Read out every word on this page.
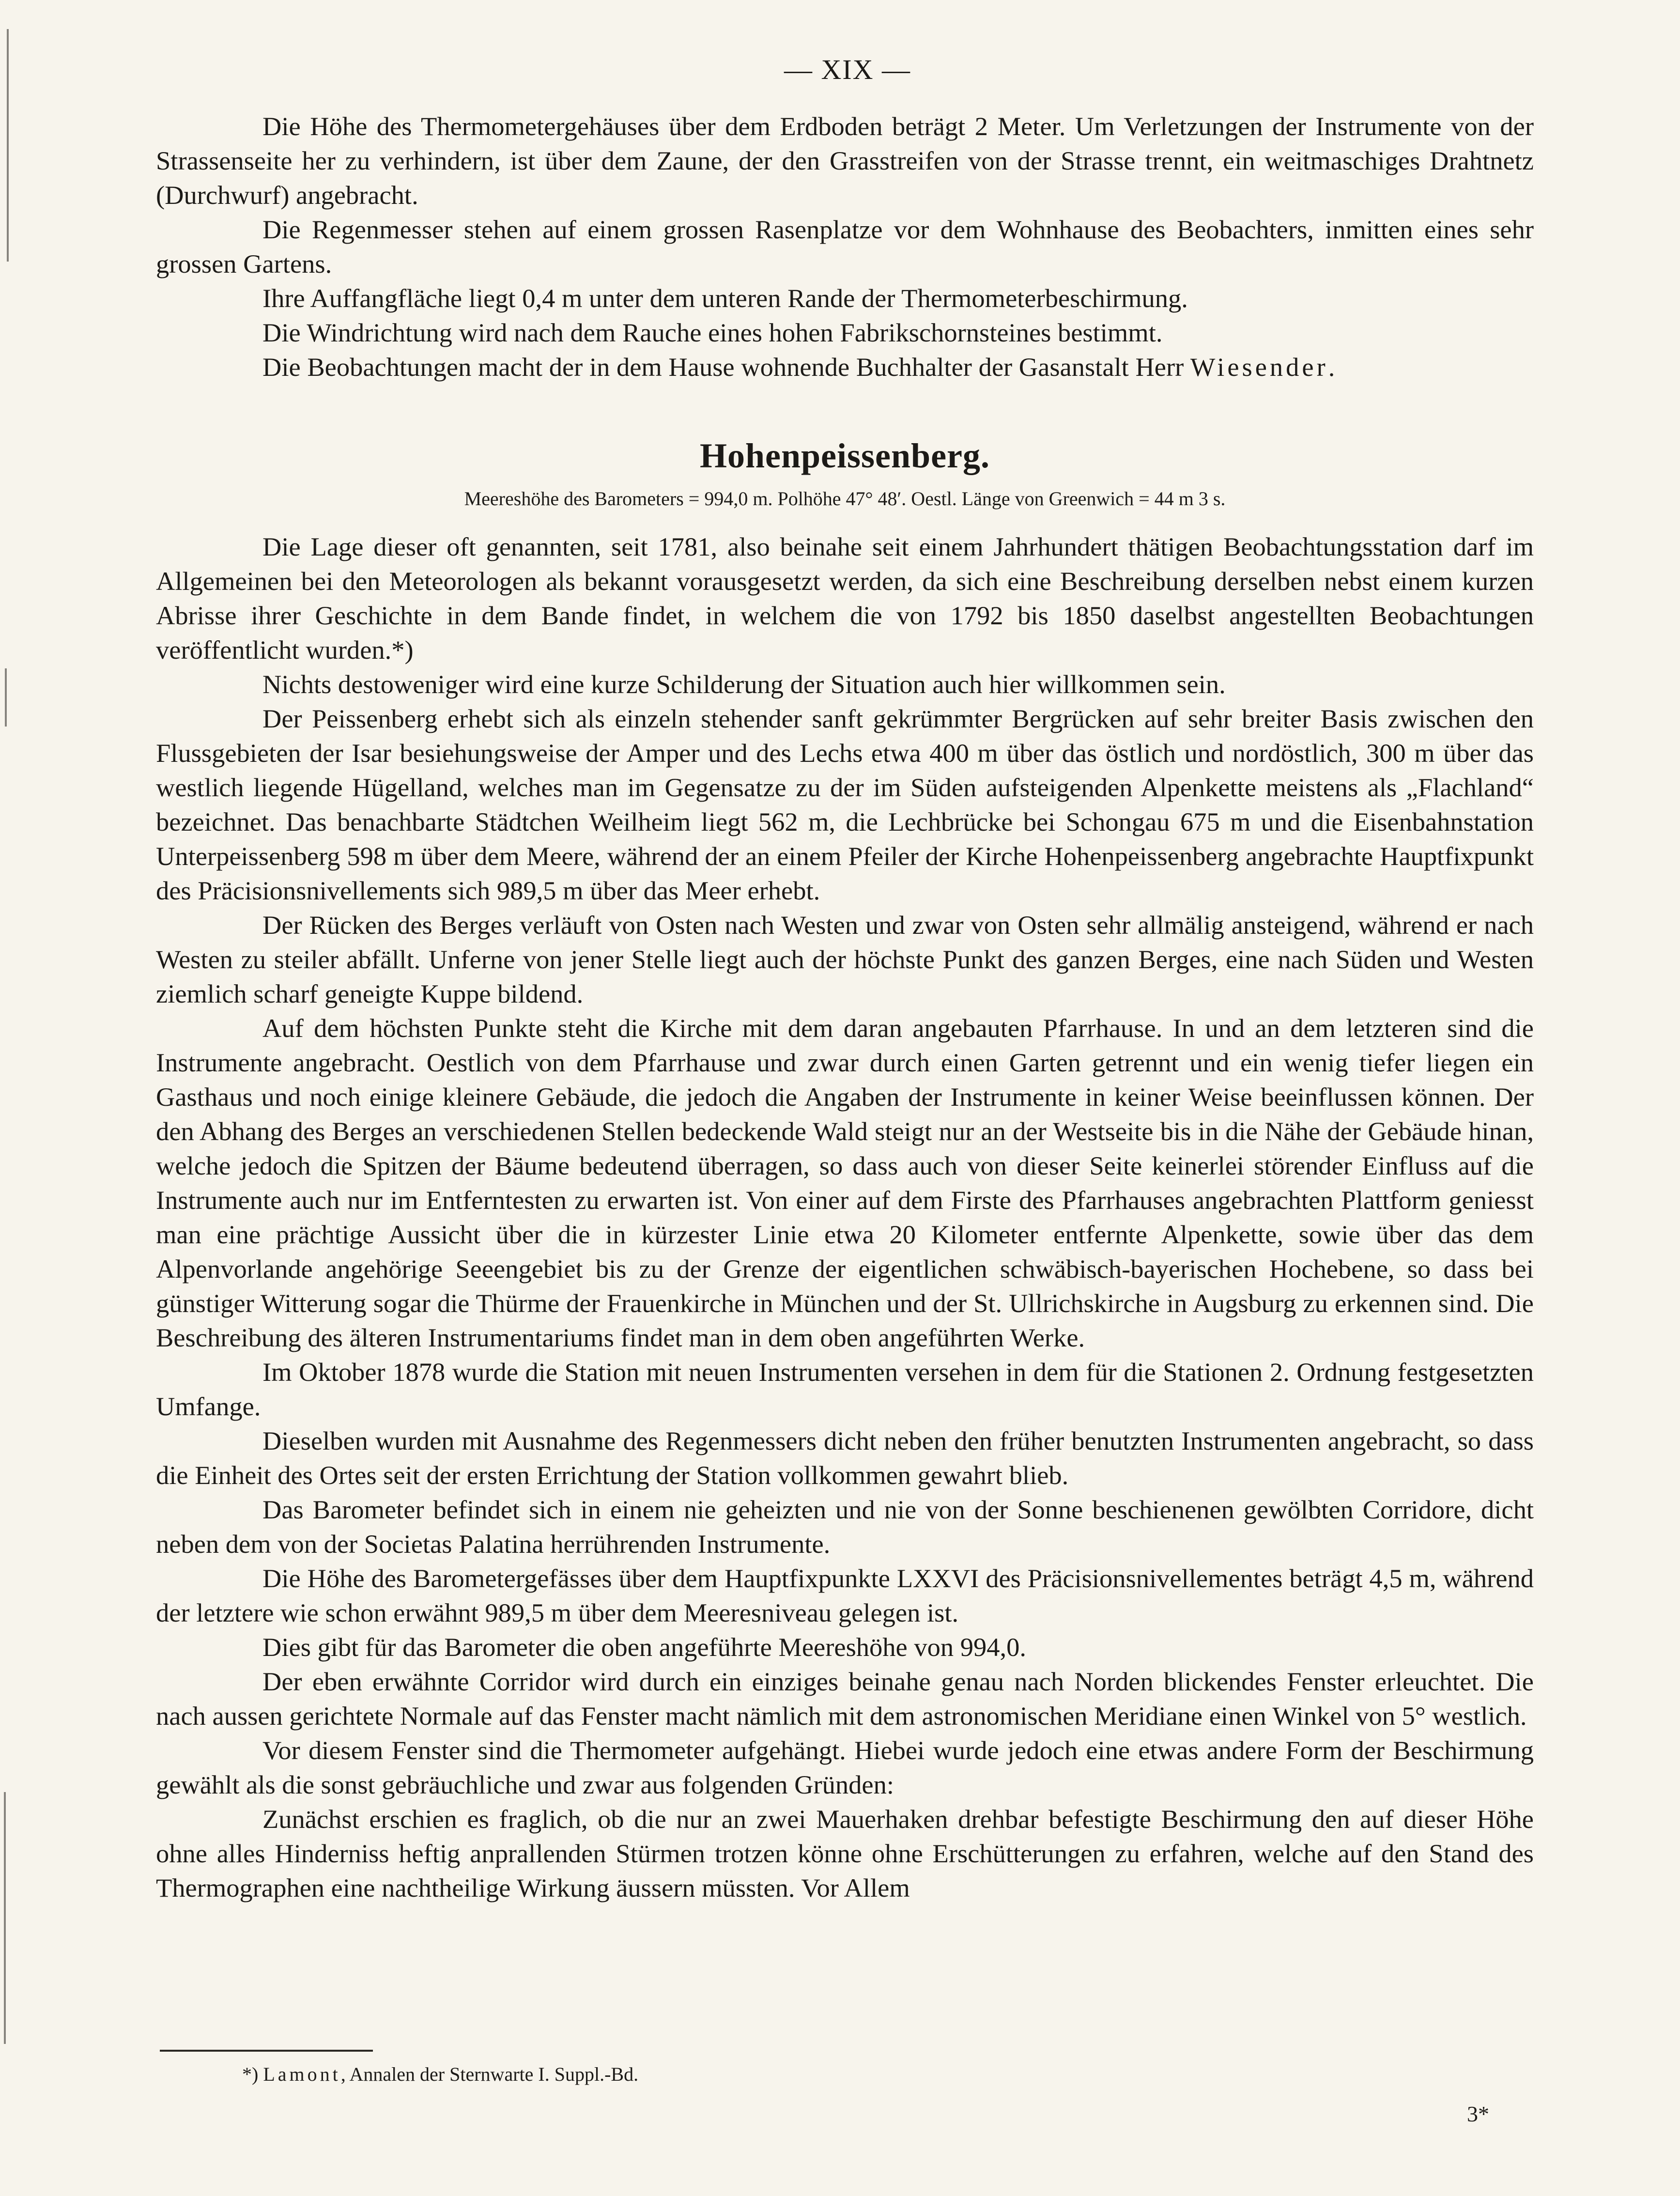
— XIX —

Die Höhe des Thermometergehäuses über dem Erdboden beträgt 2 Meter. Um Verletzungen der Instrumente von der Strassenseite her zu verhindern, ist über dem Zaune, der den Grasstreifen von der Strasse trennt, ein weitmaschiges Drahtnetz (Durchwurf) angebracht.

Die Regenmesser stehen auf einem grossen Rasenplatze vor dem Wohnhause des Beobachters, inmitten eines sehr grossen Gartens.

Ihre Auffangfläche liegt 0,4 m unter dem unteren Rande der Thermometerbeschirmung.

Die Windrichtung wird nach dem Rauche eines hohen Fabrikschornsteines bestimmt.

Die Beobachtungen macht der in dem Hause wohnende Buchhalter der Gasanstalt Herr Wiesender.

Hohenpeissenberg.
Meereshöhe des Barometers = 994,0 m. Polhöhe 47° 48′. Oestl. Länge von Greenwich = 44 m 3 s.

Die Lage dieser oft genannten, seit 1781, also beinahe seit einem Jahrhundert thätigen Beobachtungsstation darf im Allgemeinen bei den Meteorologen als bekannt vorausgesetzt werden, da sich eine Beschreibung derselben nebst einem kurzen Abrisse ihrer Geschichte in dem Bande findet, in welchem die von 1792 bis 1850 daselbst angestellten Beobachtungen veröffentlicht wurden.*)

Nichts destoweniger wird eine kurze Schilderung der Situation auch hier willkommen sein.

Der Peissenberg erhebt sich als einzeln stehender sanft gekrümmter Bergrücken auf sehr breiter Basis zwischen den Flussgebieten der Isar besiehungsweise der Amper und des Lechs etwa 400 m über das östlich und nordöstlich, 300 m über das westlich liegende Hügelland, welches man im Gegensatze zu der im Süden aufsteigenden Alpenkette meistens als „Flachland“ bezeichnet. Das benachbarte Städtchen Weilheim liegt 562 m, die Lechbrücke bei Schongau 675 m und die Eisenbahnstation Unterpeissenberg 598 m über dem Meere, während der an einem Pfeiler der Kirche Hohenpeissenberg angebrachte Hauptfixpunkt des Präcisionsnivellements sich 989,5 m über das Meer erhebt.

Der Rücken des Berges verläuft von Osten nach Westen und zwar von Osten sehr allmälig ansteigend, während er nach Westen zu steiler abfällt. Unferne von jener Stelle liegt auch der höchste Punkt des ganzen Berges, eine nach Süden und Westen ziemlich scharf geneigte Kuppe bildend.

Auf dem höchsten Punkte steht die Kirche mit dem daran angebauten Pfarrhause. In und an dem letzteren sind die Instrumente angebracht. Oestlich von dem Pfarrhause und zwar durch einen Garten getrennt und ein wenig tiefer liegen ein Gasthaus und noch einige kleinere Gebäude, die jedoch die Angaben der Instrumente in keiner Weise beeinflussen können. Der den Abhang des Berges an verschiedenen Stellen bedeckende Wald steigt nur an der Westseite bis in die Nähe der Gebäude hinan, welche jedoch die Spitzen der Bäume bedeutend überragen, so dass auch von dieser Seite keinerlei störender Einfluss auf die Instrumente auch nur im Entferntesten zu erwarten ist. Von einer auf dem Firste des Pfarrhauses angebrachten Plattform geniesst man eine prächtige Aussicht über die in kürzester Linie etwa 20 Kilometer entfernte Alpenkette, sowie über das dem Alpenvorlande angehörige Seeengebiet bis zu der Grenze der eigentlichen schwäbisch-bayerischen Hochebene, so dass bei günstiger Witterung sogar die Thürme der Frauenkirche in München und der St. Ullrichskirche in Augsburg zu erkennen sind. Die Beschreibung des älteren Instrumentariums findet man in dem oben angeführten Werke.

Im Oktober 1878 wurde die Station mit neuen Instrumenten versehen in dem für die Stationen 2. Ordnung festgesetzten Umfange.

Dieselben wurden mit Ausnahme des Regenmessers dicht neben den früher benutzten Instrumenten angebracht, so dass die Einheit des Ortes seit der ersten Errichtung der Station vollkommen gewahrt blieb.

Das Barometer befindet sich in einem nie geheizten und nie von der Sonne beschienenen gewölbten Corridore, dicht neben dem von der Societas Palatina herrührenden Instrumente.

Die Höhe des Barometergefässes über dem Hauptfixpunkte LXXVI des Präcisionsnivellementes beträgt 4,5 m, während der letztere wie schon erwähnt 989,5 m über dem Meeresniveau gelegen ist.

Dies gibt für das Barometer die oben angeführte Meereshöhe von 994,0.

Der eben erwähnte Corridor wird durch ein einziges beinahe genau nach Norden blickendes Fenster erleuchtet. Die nach aussen gerichtete Normale auf das Fenster macht nämlich mit dem astronomischen Meridiane einen Winkel von 5° westlich.

Vor diesem Fenster sind die Thermometer aufgehängt. Hiebei wurde jedoch eine etwas andere Form der Beschirmung gewählt als die sonst gebräuchliche und zwar aus folgenden Gründen:

Zunächst erschien es fraglich, ob die nur an zwei Mauerhaken drehbar befestigte Beschirmung den auf dieser Höhe ohne alles Hinderniss heftig anprallenden Stürmen trotzen könne ohne Erschütterungen zu erfahren, welche auf den Stand des Thermographen eine nachtheilige Wirkung äussern müssten. Vor Allem

*) Lamont, Annalen der Sternwarte I. Suppl.-Bd.
3*
